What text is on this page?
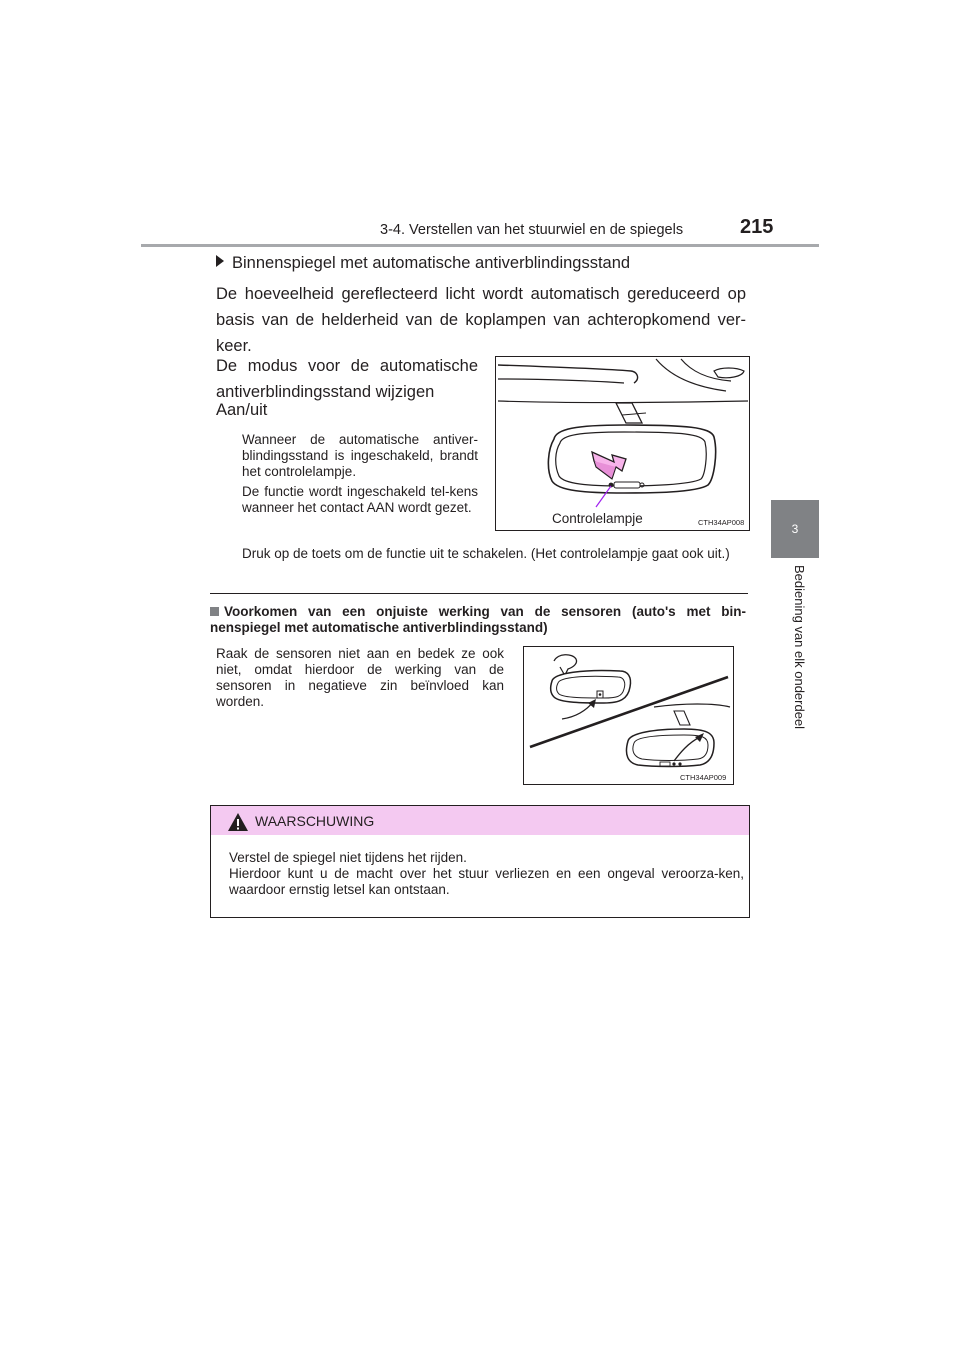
3-4. Verstellen van het stuurwiel en de spiegels	215
3
Bediening van elk onderdeel
Binnenspiegel met automatische antiverblindingsstand
De hoeveelheid gereflecteerd licht wordt automatisch gereduceerd op basis van de helderheid van de koplampen van achteropkomend ver-keer.
De modus voor de automatische antiverblindingsstand wijzigen
Aan/uit
Wanneer de automatische antiver-blindingsstand is ingeschakeld, brandt het controlelampje.
De functie wordt ingeschakeld tel-kens wanneer het contact AAN wordt gezet.
Druk op de toets om de functie uit te schakelen. (Het controlelampje gaat ook uit.)
Controlelampje	CTH34AP008
Voorkomen van een onjuiste werking van de sensoren (auto's met bin-nenspiegel met automatische antiverblindingsstand)
Raak de sensoren niet aan en bedek ze ook niet, omdat hierdoor de werking van de sensoren in negatieve zin beïnvloed kan worden.
CTH34AP009
WAARSCHUWING
Verstel de spiegel niet tijdens het rijden.
Hierdoor kunt u de macht over het stuur verliezen en een ongeval veroorza-ken, waardoor ernstig letsel kan ontstaan.
